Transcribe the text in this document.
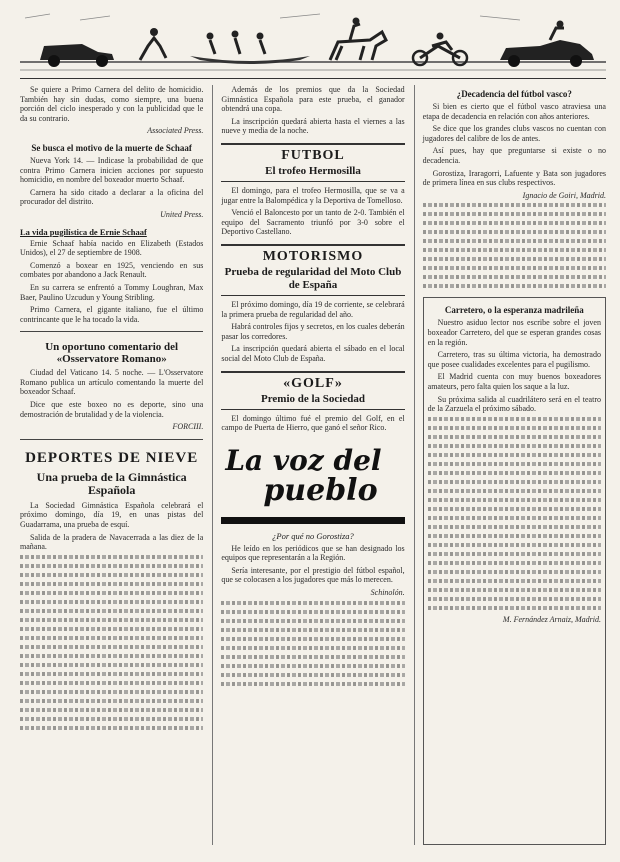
Se quiere a Primo Carnera del delito de homicidio. También hay sin dudas, como siempre, una buena porción del ciclo inesperado y con la publicidad que le da su contrario.

Associated Press.

Se busca el motivo de la muerte de Schaaf

Nueva York 14. — Indicase la probabilidad de que contra Primo Carnera inicien acciones por supuesto homicidio, en nombre del boxeador muerto Schaaf.

Carnera ha sido citado a declarar a la oficina del procurador del distrito.

United Press.

La vida pugilística de Ernie Schaaf

Ernie Schaaf había nacido en Elizabeth (Estados Unidos), el 27 de septiembre de 1908.

Comenzó a boxear en 1925, venciendo en sus combates por abandono a Jack Renault.

En su carrera se enfrentó a Tommy Loughran, Max Baer, Paulino Uzcudun y Young Stribling.

Primo Carnera, el gigante italiano, fue el último contrincante que le ha tocado la vida.

Un oportuno comentario del «Osservatore Romano»

Ciudad del Vaticano 14. 5 noche. — L'Osservatore Romano publica un artículo comentando la muerte del boxeador Schaaf.

Dice que este boxeo no es deporte, sino una demostración de brutalidad y de la violencia.

FORCIII.

DEPORTES DE NIEVE
Una prueba de la Gimnástica Española

La Sociedad Gimnástica Española celebrará el próximo domingo, día 19, en unas pistas del Guadarrama, una prueba de esquí.

Salida de la pradera de Navacerrada a las diez de la mañana.

Además de los premios que da la Sociedad Gimnástica Española para este prueba, el ganador obtendrá una copa.

La inscripción quedará abierta hasta el viernes a las nueve y media de la noche.

FUTBOL
El trofeo Hermosilla

El domingo, para el trofeo Hermosilla, que se va a jugar entre la Balompédica y la Deportiva de Tomelloso.

Venció el Baloncesto por un tanto de 2-0. También el equipo del Sacramento triunfó por 3-0 sobre el Deportivo Castellano.

MOTORISMO
Prueba de regularidad del Moto Club de España

El próximo domingo, día 19 de corriente, se celebrará la primera prueba de regularidad del año.

Habrá controles fijos y secretos, en los cuales deberán pasar los corredores.

La inscripción quedará abierta el sábado en el local social del Moto Club de España.

«GOLF»
Premio de la Sociedad

El domingo último fué el premio del Golf, en el campo de Puerta de Hierro, que ganó el señor Rico.

La voz del
pueblo
¿Por qué no Gorostiza?

He leído en los periódicos que se han designado los equipos que representarán a la Región.

Sería interesante, por el prestigio del fútbol español, que se colocasen a los jugadores que más lo merecen.

Schinolón.

¿Decadencia del fútbol vasco?

Si bien es cierto que el fútbol vasco atraviesa una etapa de decadencia en relación con años anteriores.

Se dice que los grandes clubs vascos no cuentan con jugadores del calibre de los de antes.

Así pues, hay que preguntarse si existe o no decadencia.

Gorostiza, Iraragorri, Lafuente y Bata son jugadores de primera línea en sus clubs respectivos.

Ignacio de Goiri, Madrid.

Carretero, o la esperanza madrileña

Nuestro asiduo lector nos escribe sobre el joven boxeador Carretero, del que se esperan grandes cosas en la región.

Carretero, tras su última victoria, ha demostrado que posee cualidades excelentes para el pugilismo.

El Madrid cuenta con muy buenos boxeadores amateurs, pero falta quien los saque a la luz.

Su próxima salida al cuadrilátero será en el teatro de la Zarzuela el próximo sábado.

M. Fernández Arnaiz, Madrid.
